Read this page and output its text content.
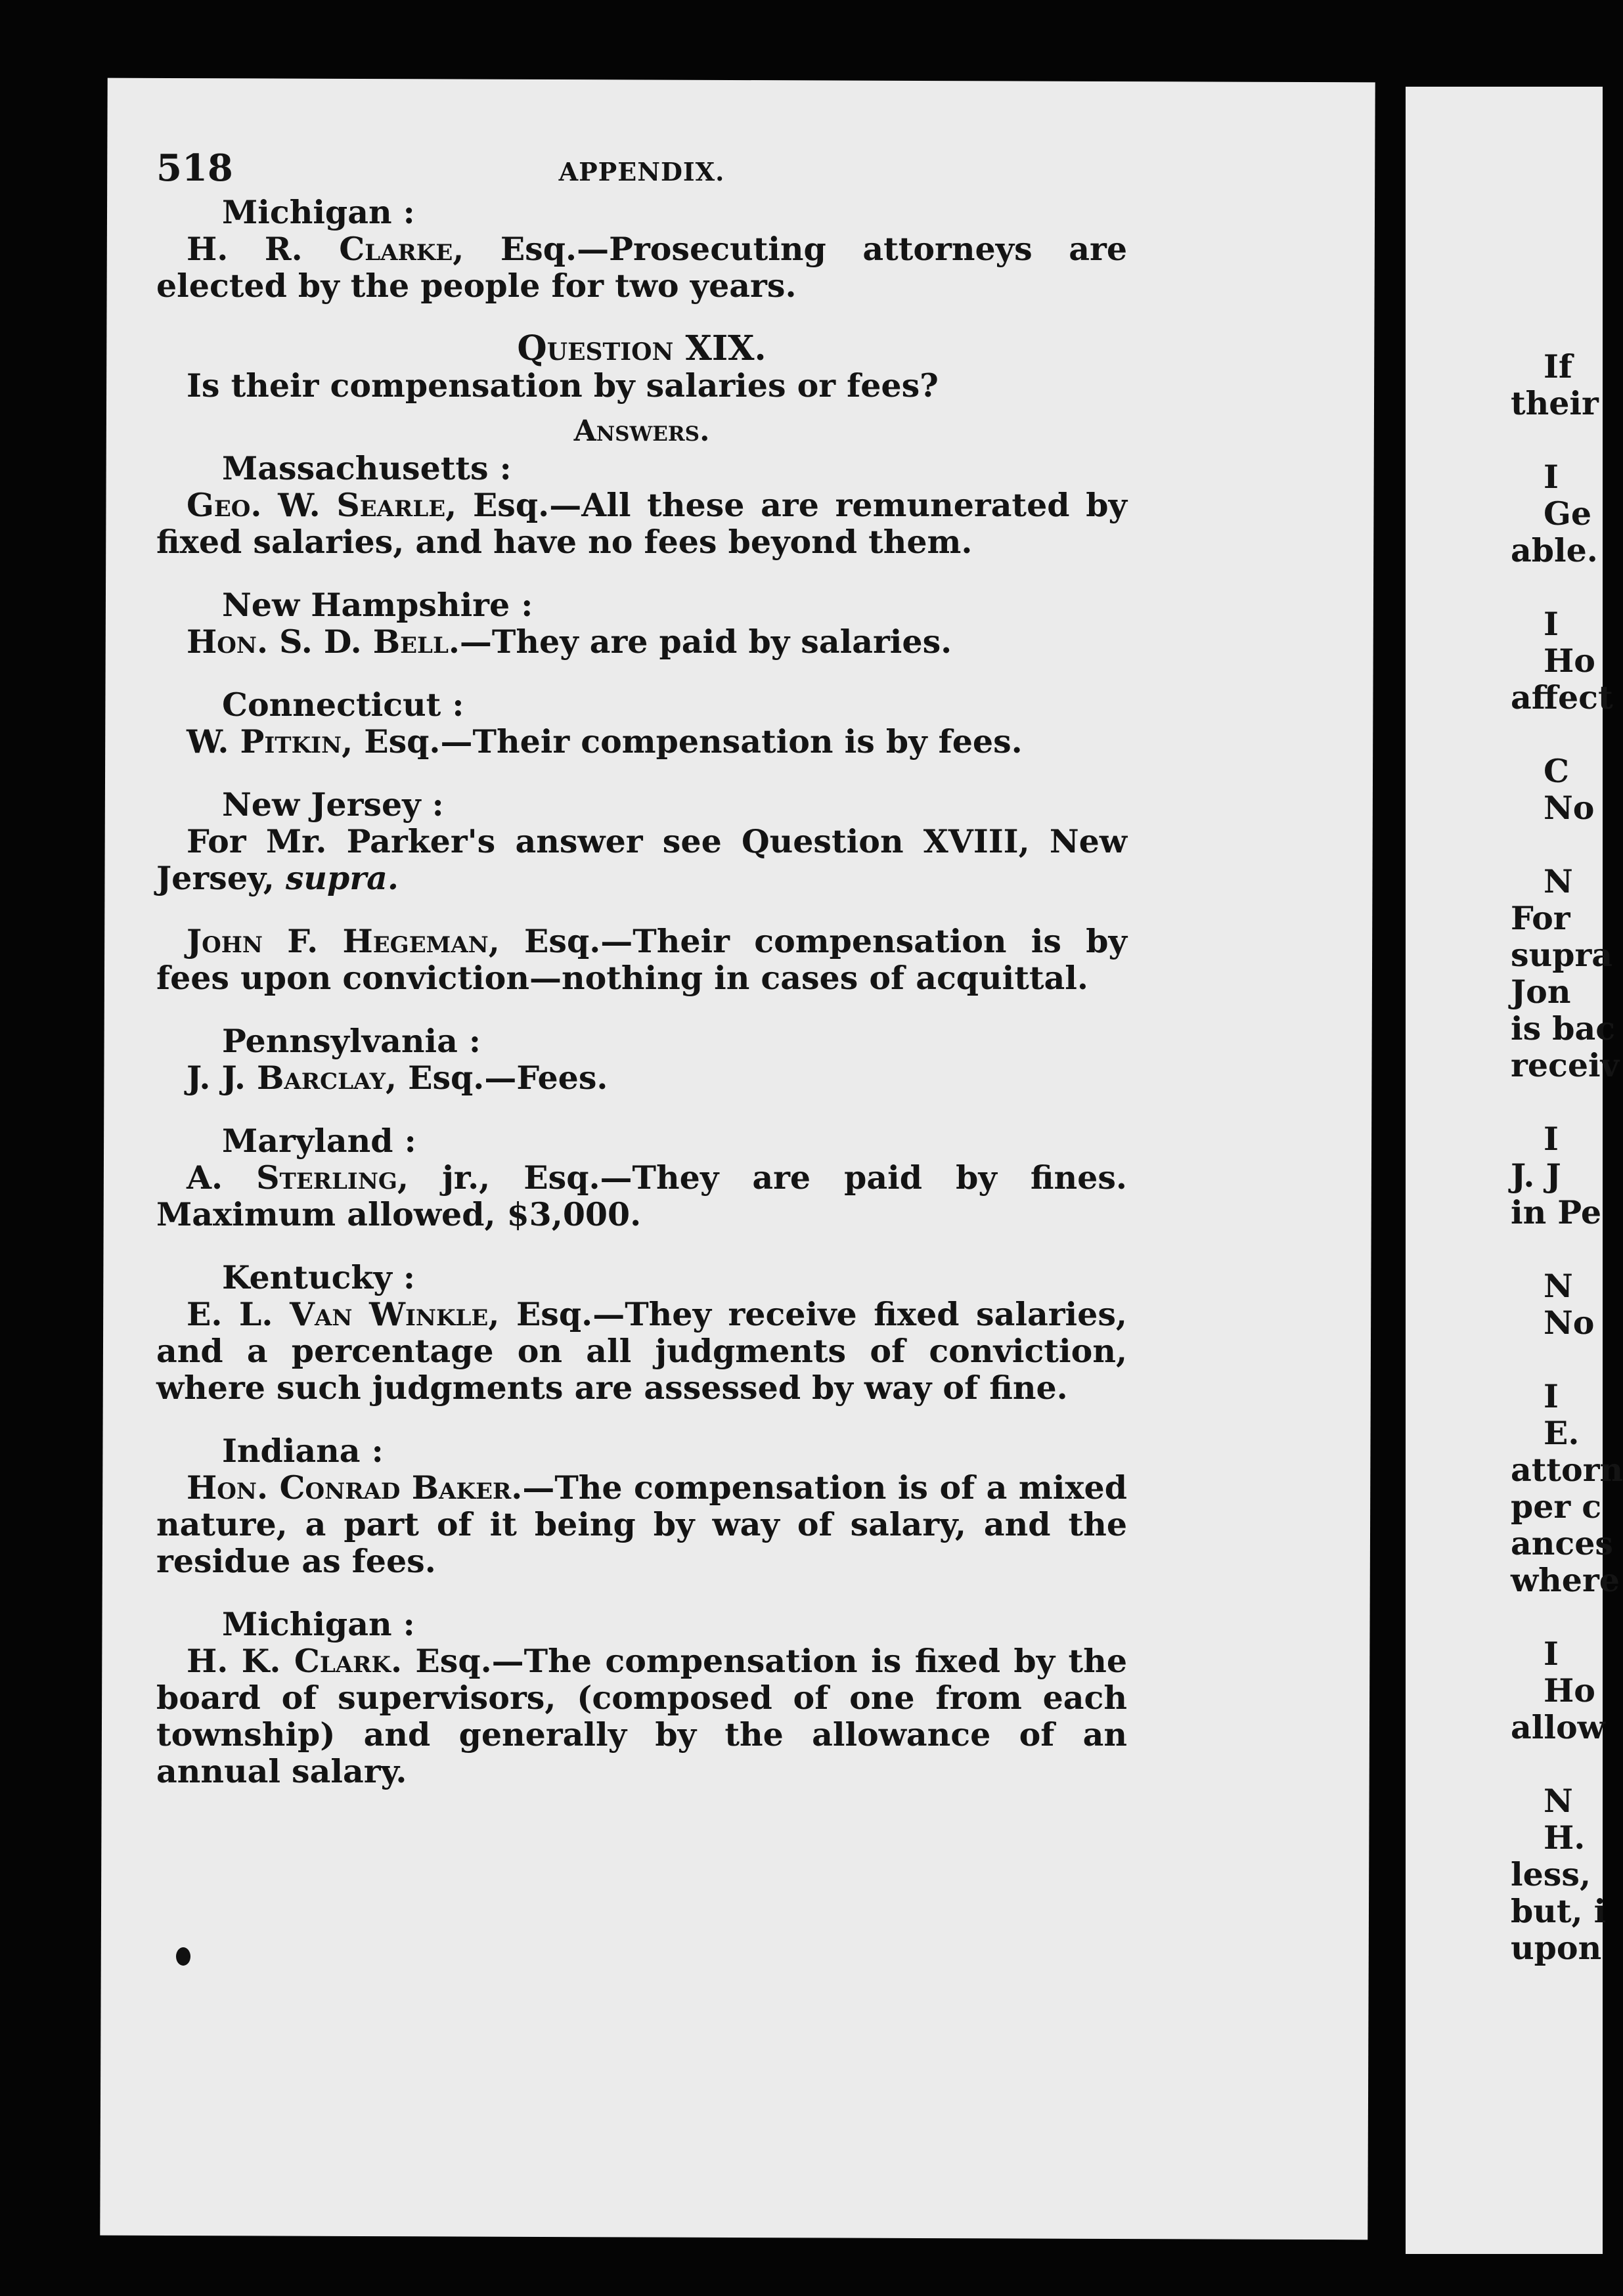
518	APPENDIX.
Michigan :

H. R. Clarke, Esq.—Prosecuting attorneys are elected by the people for two years.

Question XIX.

Is their compensation by salaries or fees?

Answers.
Massachusetts :

Geo. W. Searle, Esq.—All these are remunerated by fixed salaries, and have no fees beyond them.

New Hampshire :

Hon. S. D. Bell.—They are paid by salaries.

Connecticut :

W. Pitkin, Esq.—Their compensation is by fees.

New Jersey :

For Mr. Parker's answer see Question XVIII, New Jersey, supra.

John F. Hegeman, Esq.—Their compensation is by fees upon conviction—nothing in cases of acquittal.

Pennsylvania :

J. J. Barclay, Esq.—Fees.

Maryland :

A. Sterling, jr., Esq.—They are paid by fines. Maximum allowed, $3,000.

Kentucky :

E. L. Van Winkle, Esq.—They receive fixed salaries, and a percentage on all judgments of conviction, where such judgments are assessed by way of fine.

Indiana :

Hon. Conrad Baker.—The compensation is of a mixed nature, a part of it being by way of salary, and the residue as fees.

Michigan :

H. K. Clark. Esq.—The compensation is fixed by the board of supervisors, (composed of one from each township) and generally by the allowance of an annual salary.

If
their
I
Ge
able.
I
Ho
affect
C
No
N
For
supra
Jon
is bac
receiv
I
J. J
in Pe
N
No
I
E.
attorn
per c
ances
where
I
Ho
allow
N
H.
less,
but, i
upon
